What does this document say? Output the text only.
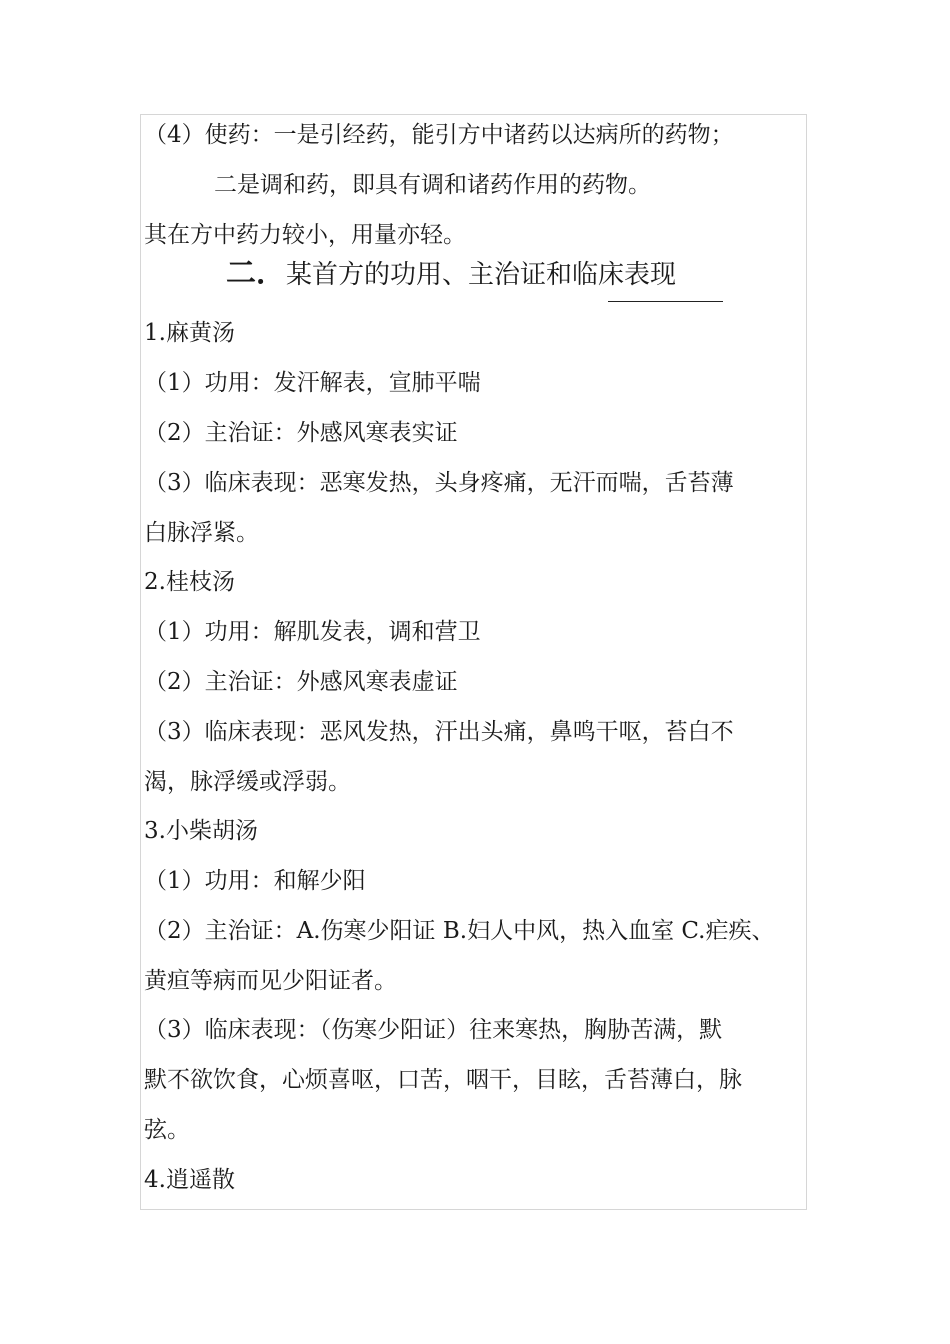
（4）使药：一是引经药，能引方中诸药以达病所的药物；
二是调和药，即具有调和诸药作用的药物。
其在方中药力较小，用量亦轻。
二．某首方的功用、主治证和临床表现
1.麻黄汤
（1）功用：发汗解表，宣肺平喘
（2）主治证：外感风寒表实证
（3）临床表现：恶寒发热，头身疼痛，无汗而喘，舌苔薄
白脉浮紧。
2.桂枝汤
（1）功用：解肌发表，调和营卫
（2）主治证：外感风寒表虚证
（3）临床表现：恶风发热，汗出头痛，鼻鸣干呕，苔白不
渴，脉浮缓或浮弱。
3.小柴胡汤
（1）功用：和解少阳
（2）主治证：A.伤寒少阳证 B.妇人中风，热入血室 C.疟疾、
黄疸等病而见少阳证者。
（3）临床表现：（伤寒少阳证）往来寒热，胸胁苦满，默
默不欲饮食，心烦喜呕，口苦，咽干，目眩，舌苔薄白，脉
弦。
4.逍遥散
